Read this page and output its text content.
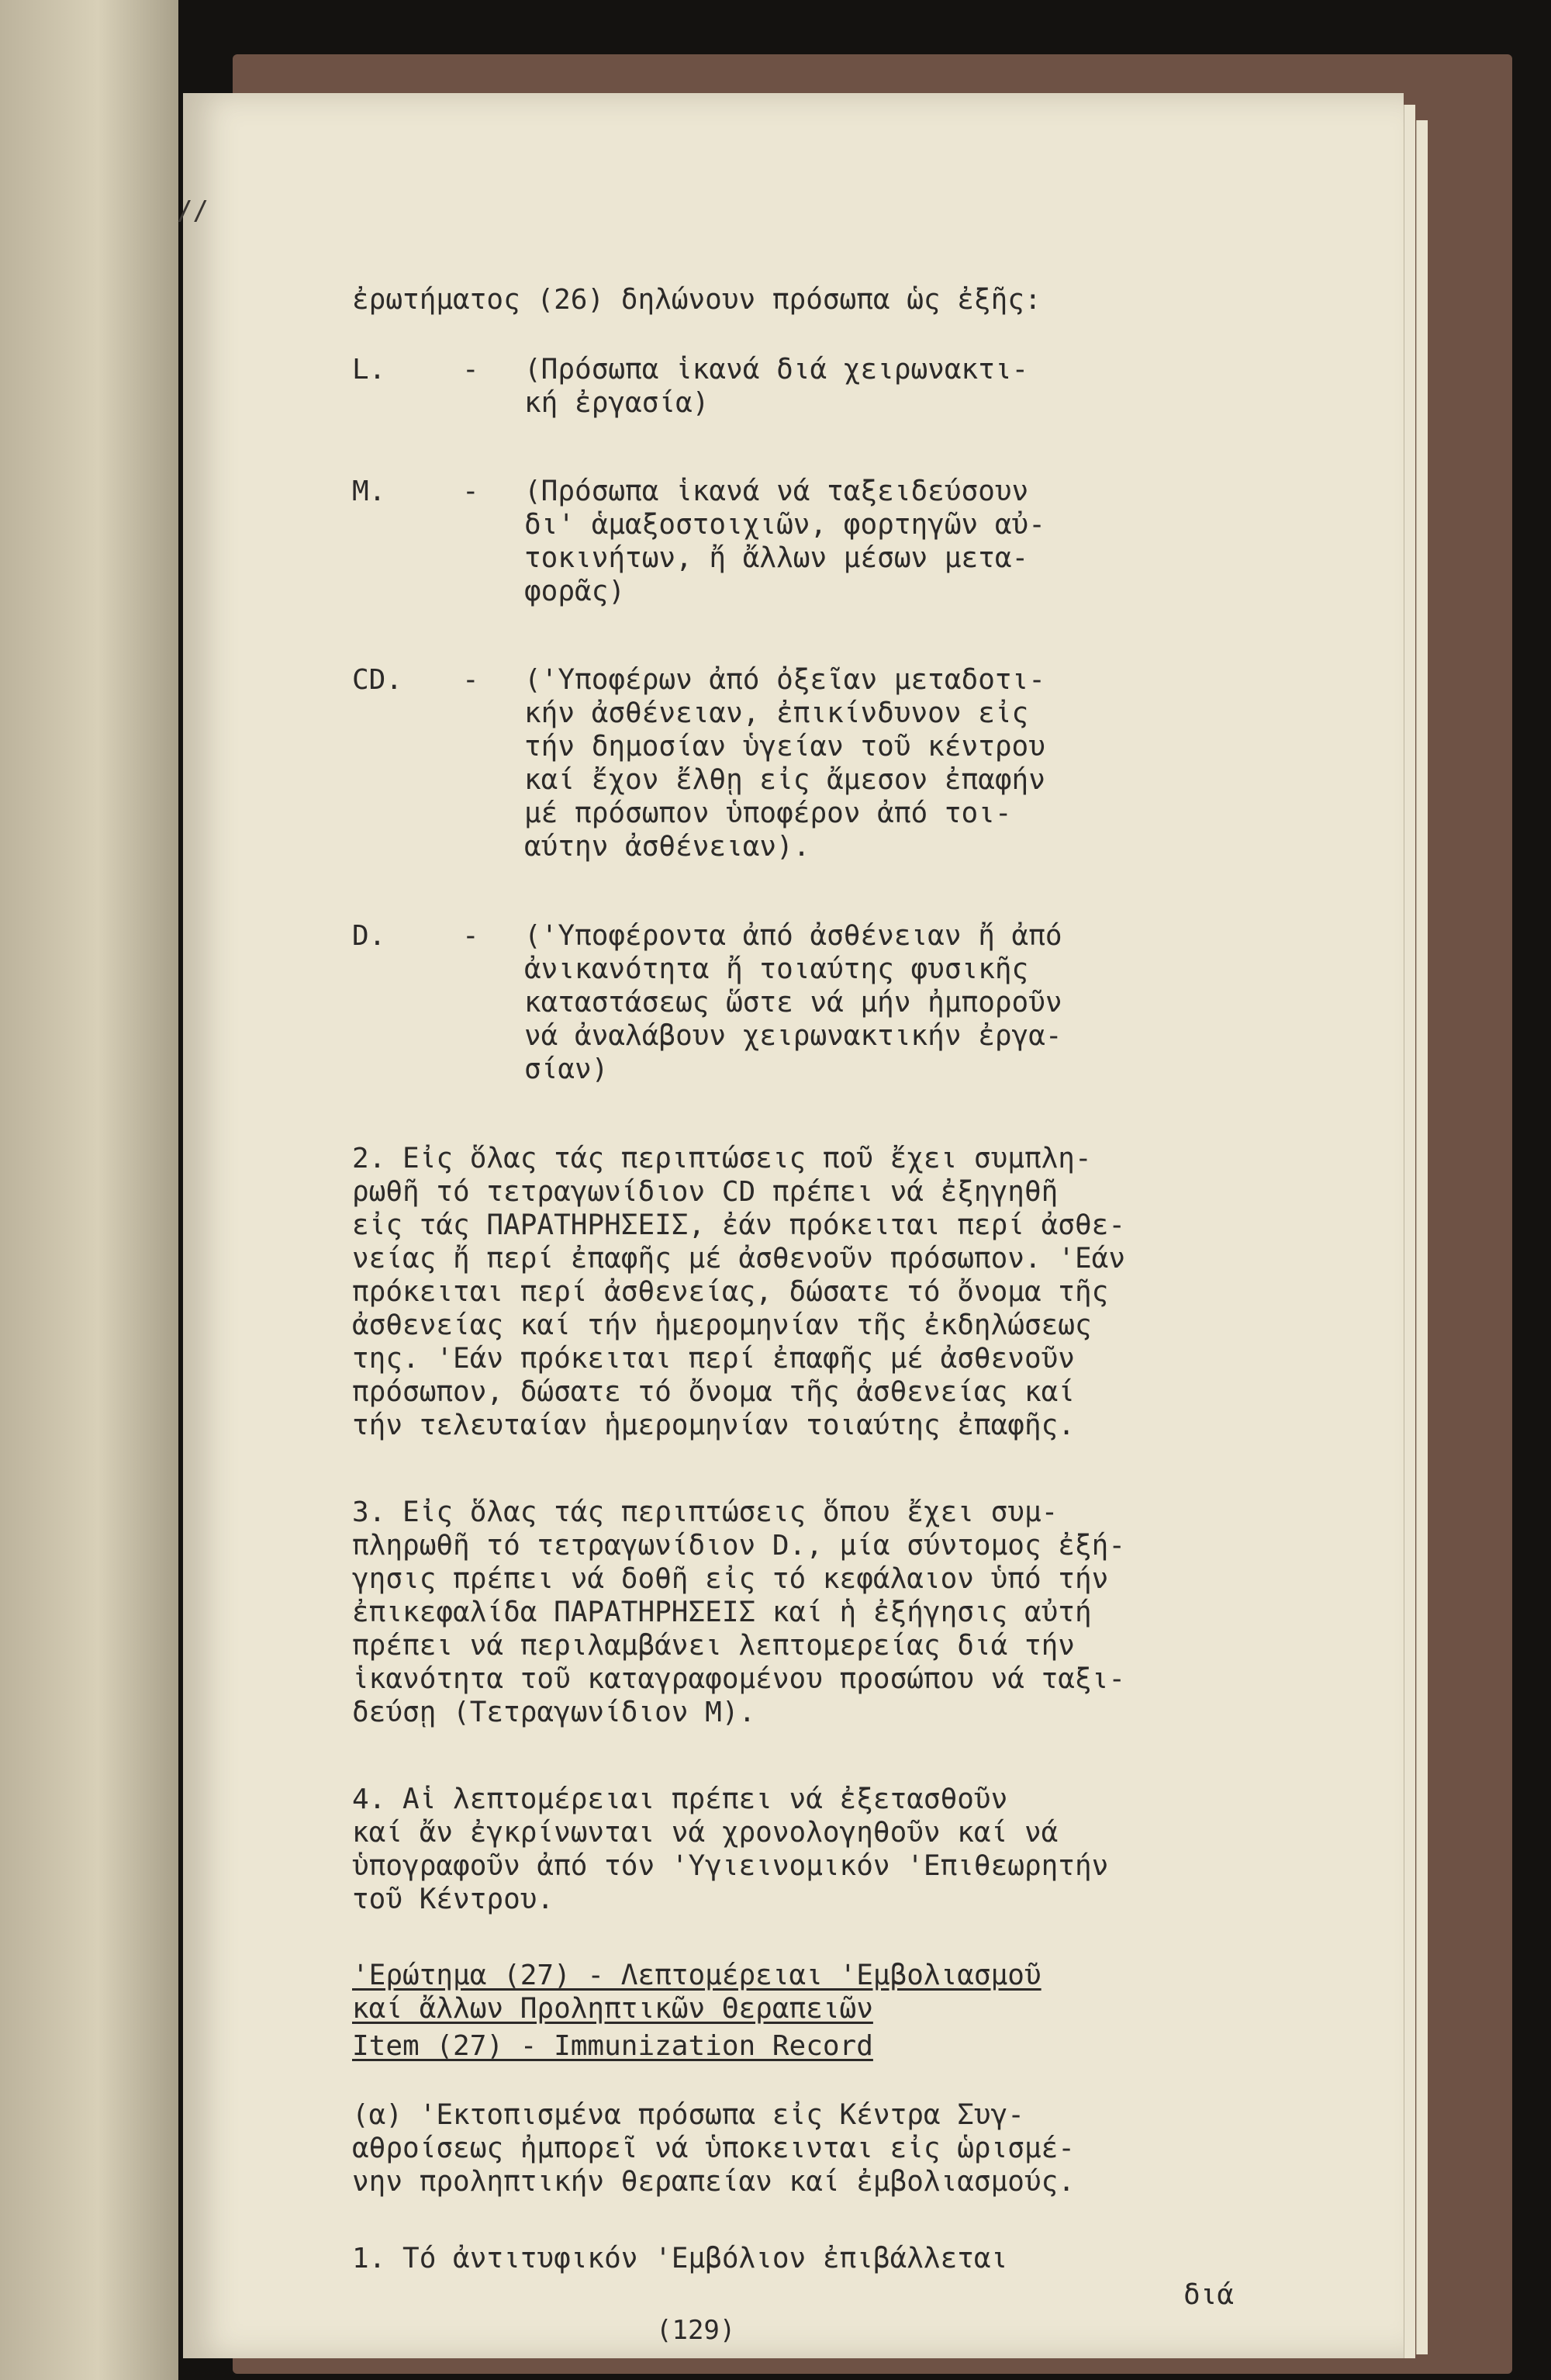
//
ἐρωτήματος (26) δηλώνουν πρόσωπα ὡς ἐξῆς:
L.	- (Πρόσωπα ἱκανά διά χειρωνακτι-
κή ἐργασία)
M.	- (Πρόσωπα ἱκανά νά ταξειδεύσουν
δι' ἁμαξοστοιχιῶν, φορτηγῶν αὐ-
τοκινήτων, ἤ ἄλλων μέσων μετα-
φορᾶς)
CD. - ('Υποφέρων ἀπό ὀξεῖαν μεταδοτι-
κήν ἀσθένειαν, ἐπικίνδυνον εἰς
τήν δημοσίαν ὑγείαν τοῦ κέντρου
καί ἔχον ἔλθῃ εἰς ἄμεσον ἐπαφήν
μέ πρόσωπον ὑποφέρον ἀπό τοι-
αύτην ἀσθένειαν).
D.	- ('Υποφέροντα ἀπό ἀσθένειαν ἤ ἀπό
ἀνικανότητα ἤ τοιαύτης φυσικῆς
καταστάσεως ὥστε νά μήν ἠμποροῦν
νά ἀναλάβουν χειρωνακτικήν ἐργα-
σίαν)
2. Εἰς ὅλας τάς περιπτώσεις ποῦ ἔχει συμπλη-
ρωθῆ τό τετραγωνίδιον CD πρέπει νά ἐξηγηθῆ
εἰς τάς ΠΑΡΑΤΗΡΗΣΕΙΣ, ἐάν πρόκειται περί ἀσθε-
νείας ἤ περί ἐπαφῆς μέ ἀσθενοῦν πρόσωπον. 'Εάν
πρόκειται περί ἀσθενείας, δώσατε τό ὄνομα τῆς
ἀσθενείας καί τήν ἡμερομηνίαν τῆς ἐκδηλώσεως
της. 'Εάν πρόκειται περί ἐπαφῆς μέ ἀσθενοῦν
πρόσωπον, δώσατε τό ὄνομα τῆς ἀσθενείας καί
τήν τελευταίαν ἡμερομηνίαν τοιαύτης ἐπαφῆς.
3. Εἰς ὅλας τάς περιπτώσεις ὅπου ἔχει συμ-
πληρωθῆ τό τετραγωνίδιον D., μία σύντομος ἐξή-
γησις πρέπει νά δοθῆ εἰς τό κεφάλαιον ὑπό τήν
ἐπικεφαλίδα ΠΑΡΑΤΗΡΗΣΕΙΣ καί ἡ ἐξήγησις αὐτή
πρέπει νά περιλαμβάνει λεπτομερείας διά τήν
ἱκανότητα τοῦ καταγραφομένου προσώπου νά ταξι-
δεύσῃ (Τετραγωνίδιον M).
4. Αἱ λεπτομέρειαι πρέπει νά ἐξετασθοῦν
καί ἄν ἐγκρίνωνται νά χρονολογηθοῦν καί νά
ὑπογραφοῦν ἀπό τόν 'Υγιεινομικόν 'Επιθεωρητήν
τοῦ Κέντρου.
'Ερώτημα (27) - Λεπτομέρειαι 'Εμβολιασμοῦ
καί ἄλλων Προληπτικῶν Θεραπειῶν
Item (27) - Immunization Record
(α) 'Εκτοπισμένα πρόσωπα εἰς Κέντρα Συγ-
αθροίσεως ἠμπορεῖ νά ὑποκεινται εἰς ὡρισμέ-
νην προληπτικήν θεραπείαν καί ἐμβολιασμούς.
1. Τό ἀντιτυφικόν 'Εμβόλιον ἐπιβάλλεται
διά
(129)
